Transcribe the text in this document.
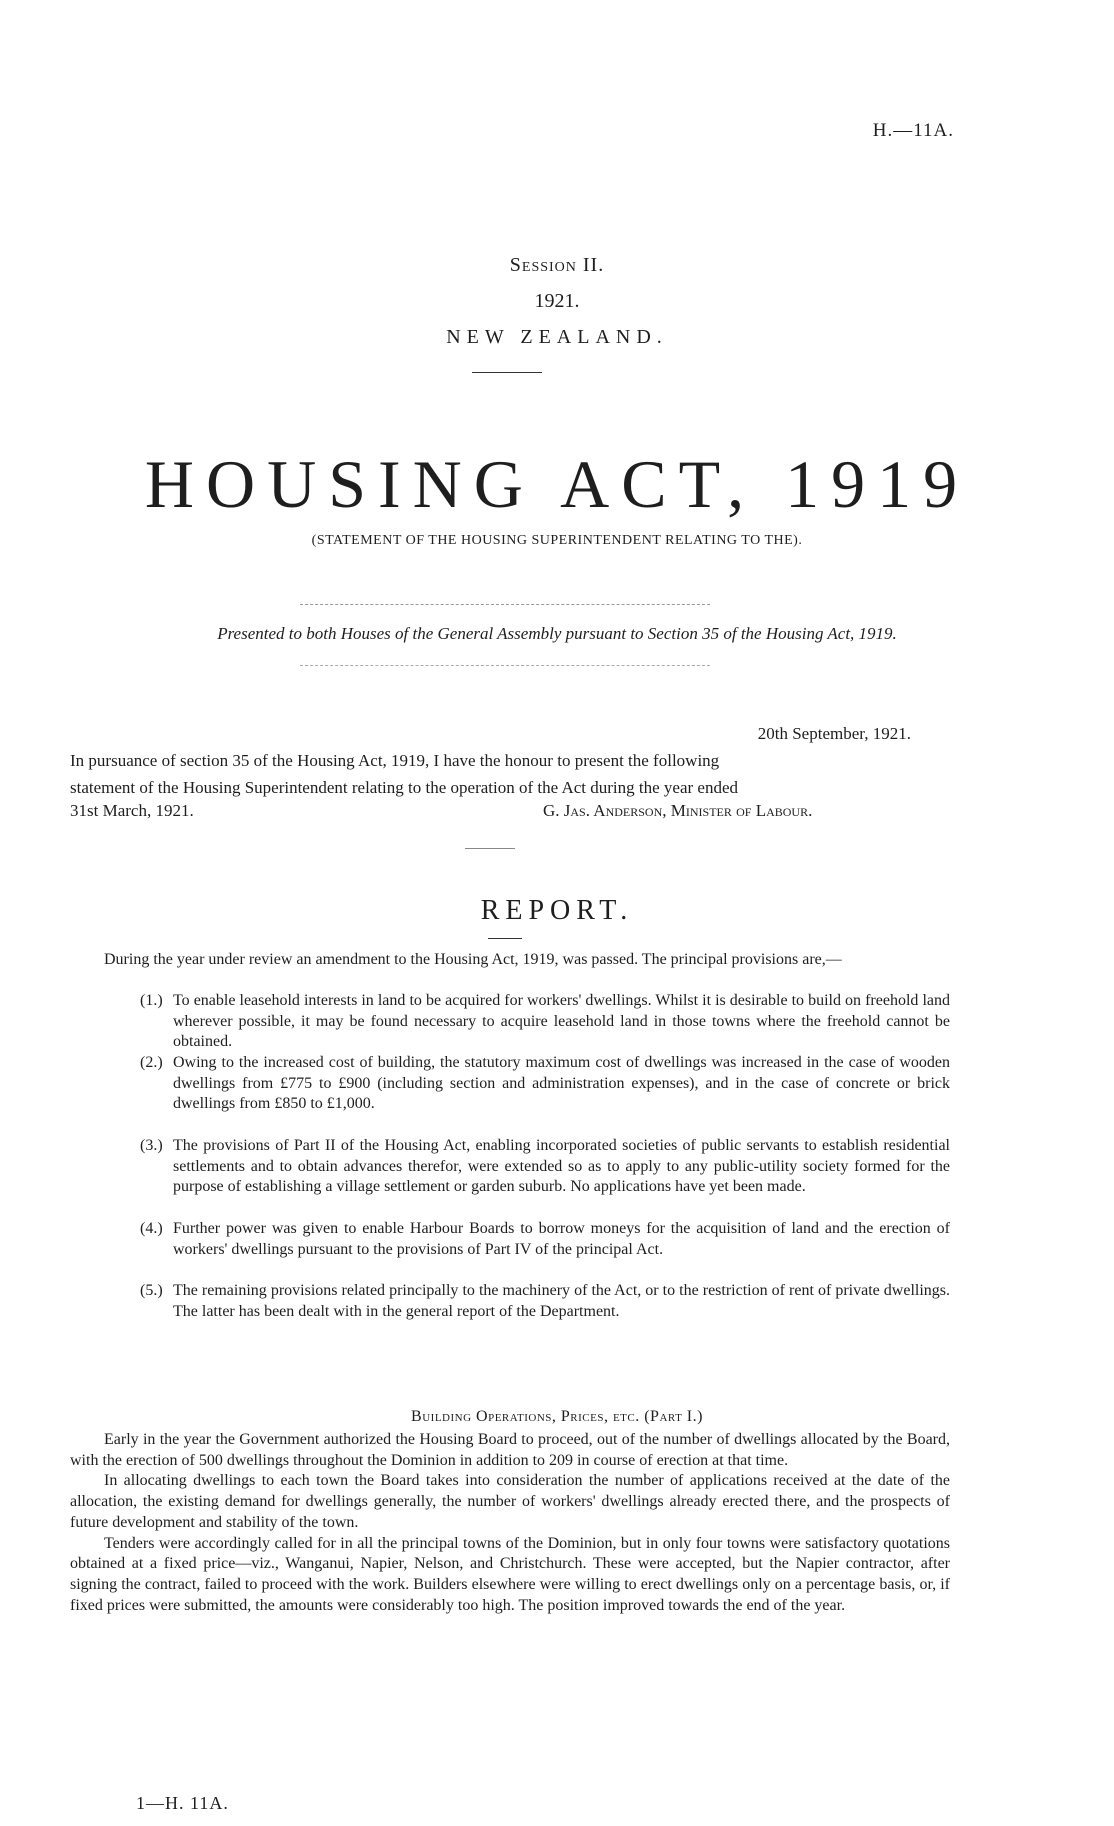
H.—11A.
Session II.
1921.
NEW ZEALAND.
HOUSING ACT, 1919
(STATEMENT OF THE HOUSING SUPERINTENDENT RELATING TO THE).
Presented to both Houses of the General Assembly pursuant to Section 35 of the Housing Act, 1919.
20th September, 1921.
In pursuance of section 35 of the Housing Act, 1919, I have the honour to present the following
statement of the Housing Superintendent relating to the operation of the Act during the year ended
31st March, 1921.	G. Jas. Anderson, Minister of Labour.
REPORT.
During the year under review an amendment to the Housing Act, 1919, was passed. The principal provisions are,—
(1.) To enable leasehold interests in land to be acquired for workers' dwellings. Whilst it is desirable to build on freehold land wherever possible, it may be found necessary to acquire leasehold land in those towns where the freehold cannot be obtained.
(2.) Owing to the increased cost of building, the statutory maximum cost of dwellings was increased in the case of wooden dwellings from £775 to £900 (including section and administration expenses), and in the case of concrete or brick dwellings from £850 to £1,000.
(3.) The provisions of Part II of the Housing Act, enabling incorporated societies of public servants to establish residential settlements and to obtain advances therefor, were extended so as to apply to any public-utility society formed for the purpose of establishing a village settlement or garden suburb. No applications have yet been made.
(4.) Further power was given to enable Harbour Boards to borrow moneys for the acquisition of land and the erection of workers' dwellings pursuant to the provisions of Part IV of the principal Act.
(5.) The remaining provisions related principally to the machinery of the Act, or to the restriction of rent of private dwellings. The latter has been dealt with in the general report of the Department.
Building Operations, Prices, etc. (Part I.)
Early in the year the Government authorized the Housing Board to proceed, out of the number of dwellings allocated by the Board, with the erection of 500 dwellings throughout the Dominion in addition to 209 in course of erection at that time.
In allocating dwellings to each town the Board takes into consideration the number of applications received at the date of the allocation, the existing demand for dwellings generally, the number of workers' dwellings already erected there, and the prospects of future development and stability of the town.
Tenders were accordingly called for in all the principal towns of the Dominion, but in only four towns were satisfactory quotations obtained at a fixed price—viz., Wanganui, Napier, Nelson, and Christchurch. These were accepted, but the Napier contractor, after signing the contract, failed to proceed with the work. Builders elsewhere were willing to erect dwellings only on a percentage basis, or, if fixed prices were submitted, the amounts were considerably too high. The position improved towards the end of the year.
1—H. 11A.
